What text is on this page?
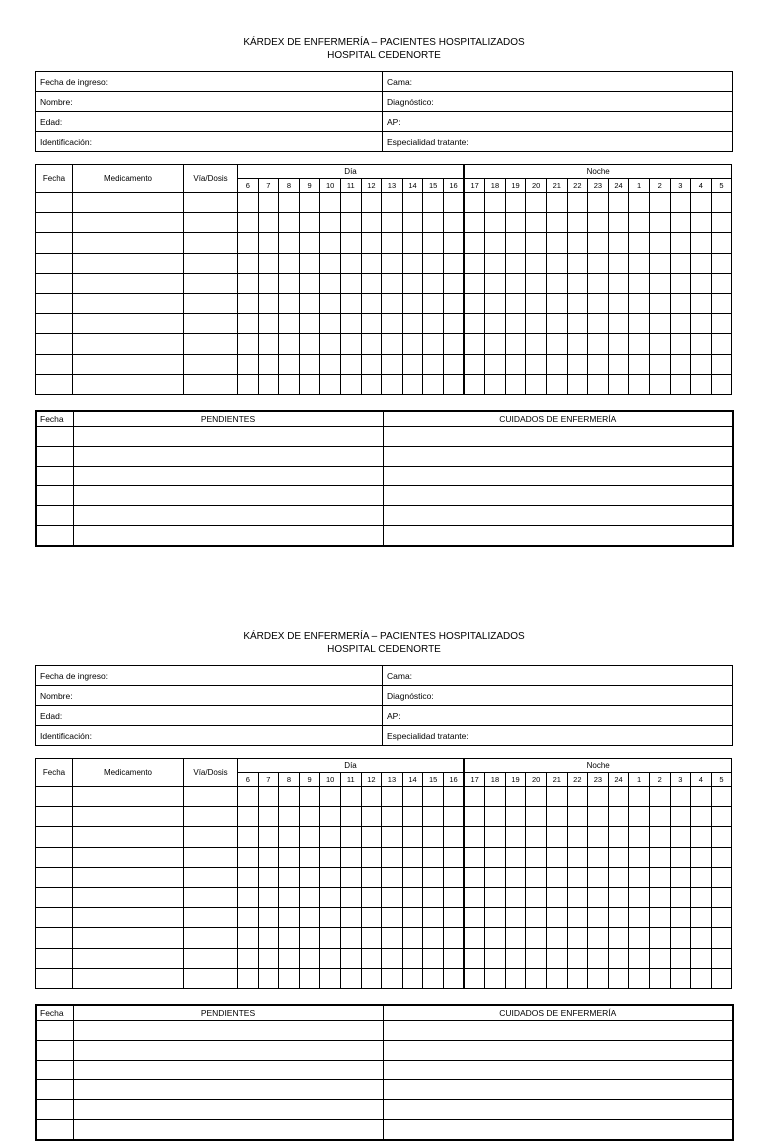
KÁRDEX DE ENFERMERÍA – PACIENTES HOSPITALIZADOS
HOSPITAL CEDENORTE
Fecha de ingreso:	Cama:
Nombre:	Diagnóstico:
Edad:	AP:
Identificación:	Especialidad tratante:
Fecha	Medicamento	Vía/Dosis	Día											Noche												
			6	7	8	9	10	11	12	13	14	15	16	17	18	19	20	21	22	23	24	1	2	3	4	5

Fecha	PENDIENTES	CUIDADOS DE ENFERMERÍA

KÁRDEX DE ENFERMERÍA – PACIENTES HOSPITALIZADOS
HOSPITAL CEDENORTE
Fecha de ingreso:	Cama:
Nombre:	Diagnóstico:
Edad:	AP:
Identificación:	Especialidad tratante:
Fecha	Medicamento	Vía/Dosis	Día											Noche												
			6	7	8	9	10	11	12	13	14	15	16	17	18	19	20	21	22	23	24	1	2	3	4	5

Fecha	PENDIENTES	CUIDADOS DE ENFERMERÍA
